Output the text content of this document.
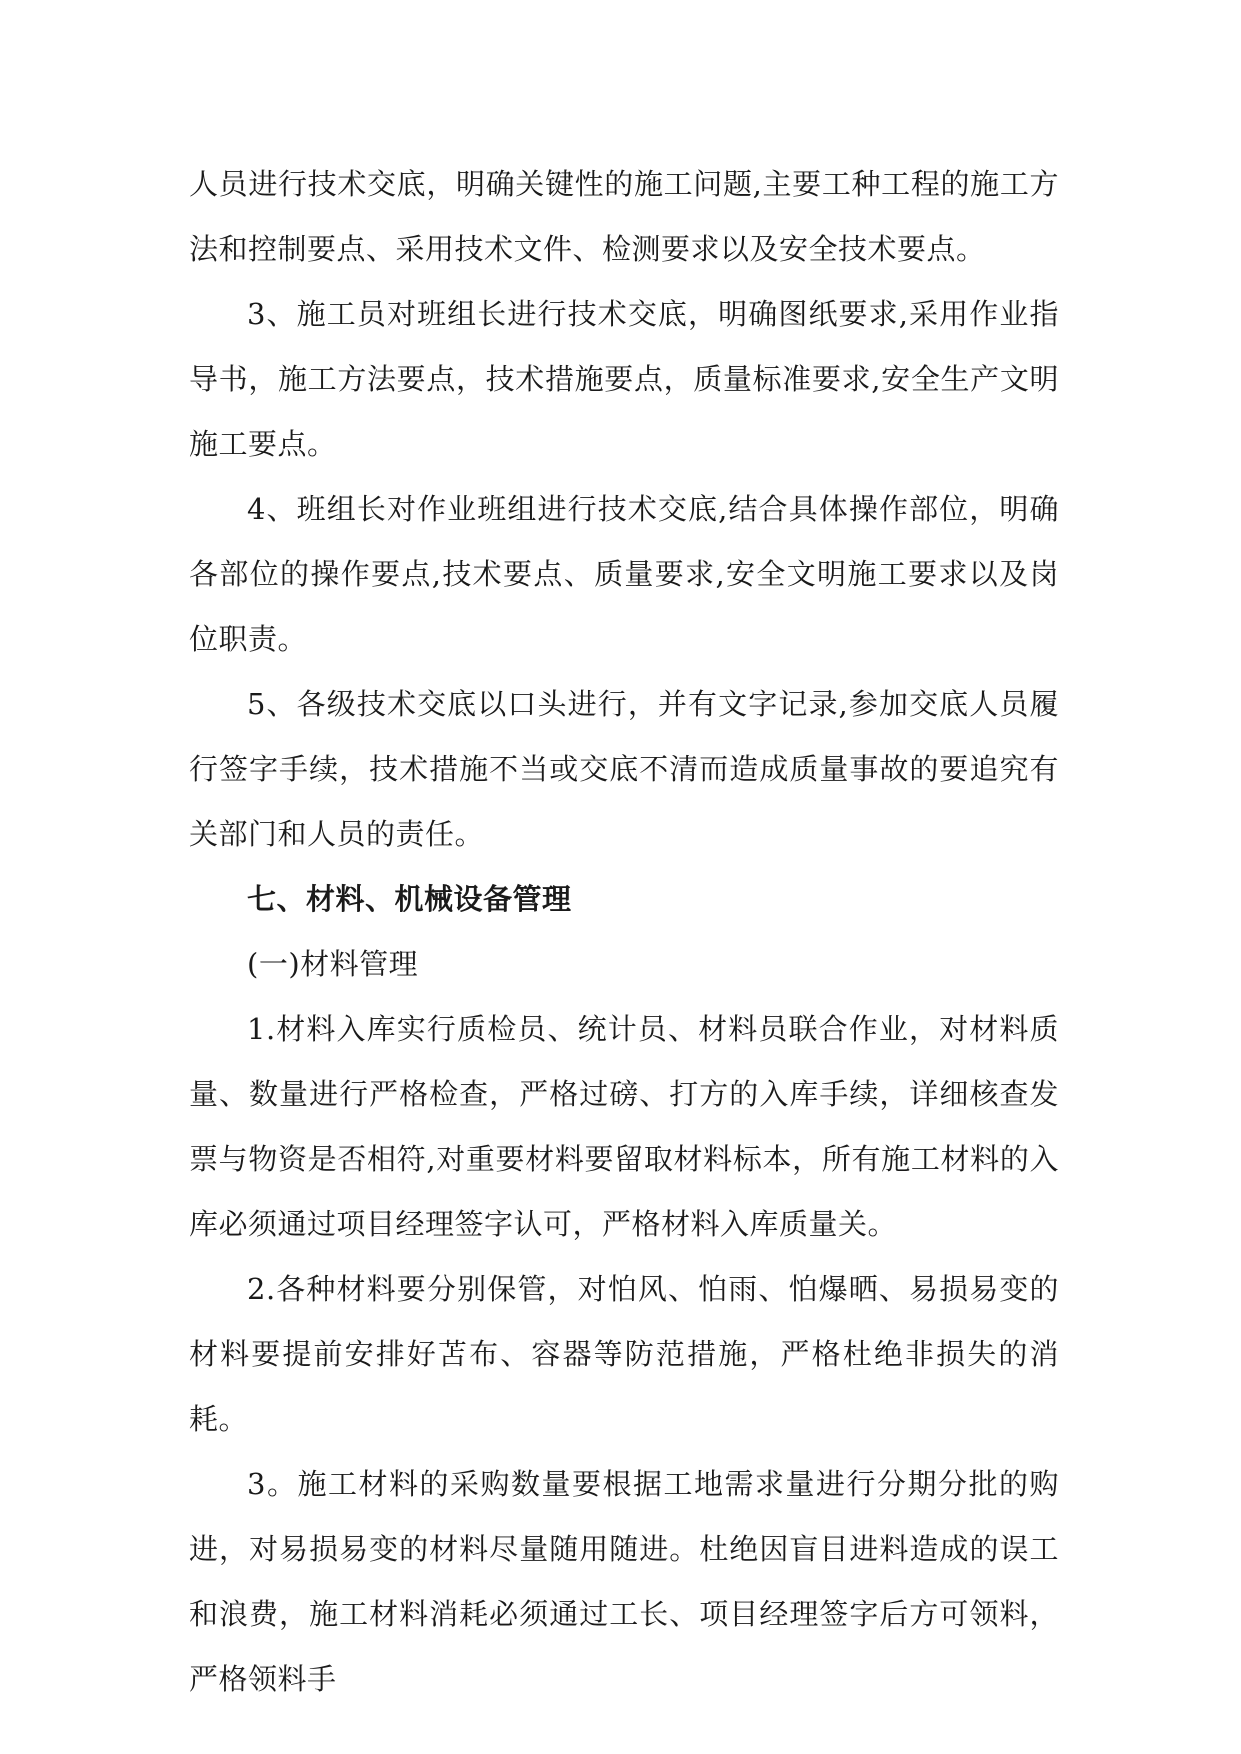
人员进行技术交底，明确关键性的施工问题,主要工种工程的施工方法和控制要点、采用技术文件、检测要求以及安全技术要点。

3、施工员对班组长进行技术交底，明确图纸要求,采用作业指导书，施工方法要点，技术措施要点，质量标准要求,安全生产文明施工要点。

4、班组长对作业班组进行技术交底,结合具体操作部位，明确各部位的操作要点,技术要点、质量要求,安全文明施工要求以及岗位职责。

5、各级技术交底以口头进行，并有文字记录,参加交底人员履行签字手续，技术措施不当或交底不清而造成质量事故的要追究有关部门和人员的责任。

七、材料、机械设备管理

(一)材料管理

1.材料入库实行质检员、统计员、材料员联合作业，对材料质量、数量进行严格检查，严格过磅、打方的入库手续，详细核查发票与物资是否相符,对重要材料要留取材料标本，所有施工材料的入库必须通过项目经理签字认可，严格材料入库质量关。

2.各种材料要分别保管，对怕风、怕雨、怕爆晒、易损易变的材料要提前安排好苫布、容器等防范措施，严格杜绝非损失的消耗。

3。施工材料的采购数量要根据工地需求量进行分期分批的购进，对易损易变的材料尽量随用随进。杜绝因盲目进料造成的误工和浪费，施工材料消耗必须通过工长、项目经理签字后方可领料，严格领料手
